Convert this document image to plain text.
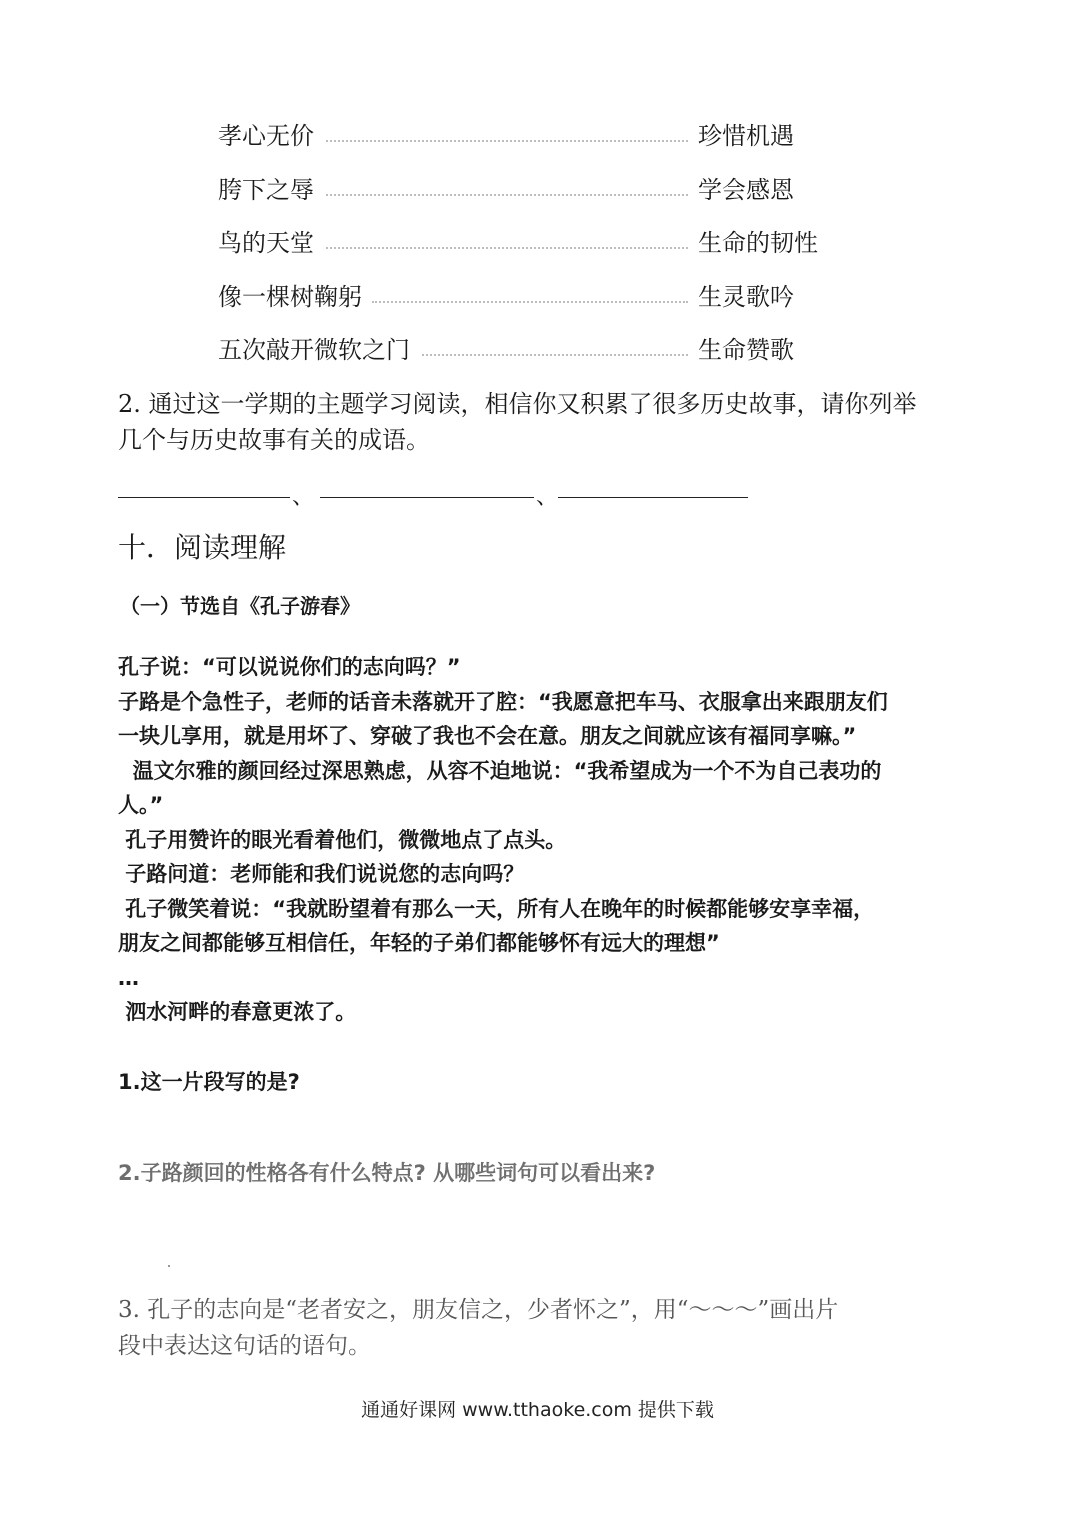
孝心无价	珍惜机遇
胯下之辱	学会感恩
鸟的天堂	生命的韧性
像一棵树鞠躬	生灵歌吟
五次敲开微软之门	生命赞歌
2. 通过这一学期的主题学习阅读，相信你又积累了很多历史故事，请你列举
几个与历史故事有关的成语。
、	、
十．阅读理解
（一）节选自《孔子游春》
孔子说：“可以说说你们的志向吗？”
子路是个急性子，老师的话音未落就开了腔：“我愿意把车马、衣服拿出来跟朋友们
一块儿享用，就是用坏了、穿破了我也不会在意。朋友之间就应该有福同享嘛。”
温文尔雅的颜回经过深思熟虑，从容不迫地说：“我希望成为一个不为自己表功的
人。”
孔子用赞许的眼光看着他们，微微地点了点头。
子路问道：老师能和我们说说您的志向吗？
孔子微笑着说：“我就盼望着有那么一天，所有人在晚年的时候都能够安享幸福，
朋友之间都能够互相信任，年轻的子弟们都能够怀有远大的理想”
…
泗水河畔的春意更浓了。
1.这一片段写的是?
2.子路颜回的性格各有什么特点? 从哪些词句可以看出来?
3. 孔子的志向是“老者安之，朋友信之，少者怀之”，用“～～～”画出片
段中表达这句话的语句。
通通好课网 www.tthaoke.com 提供下载
